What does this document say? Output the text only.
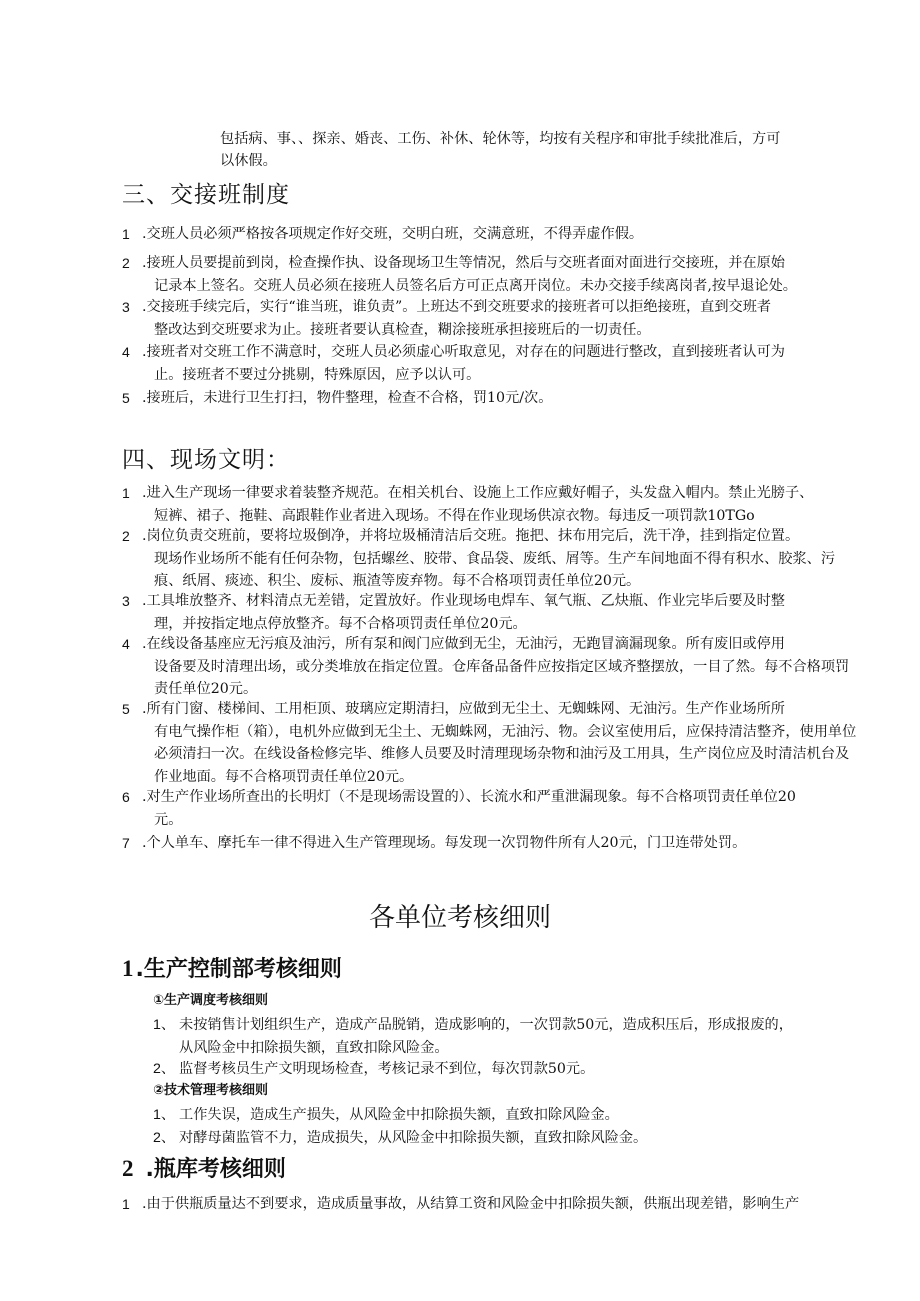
包括病、事、、探亲、婚丧、工伤、补休、轮休等，均按有关程序和审批手续批准后，方可
以休假。
三、交接班制度
1 .交班人员必须严格按各项规定作好交班，交明白班，交满意班，不得弄虚作假。
2 .接班人员要提前到岗，检查操作执、设备现场卫生等情况，然后与交班者面对面进行交接班，并在原始
记录本上签名。交班人员必须在接班人员签名后方可正点离开岗位。未办交接手续离岗者,按早退论处。
3 .交接班手续完后，实行“谁当班，谁负责”。上班达不到交班要求的接班者可以拒绝接班，直到交班者
整改达到交班要求为止。接班者要认真检查，糊涂接班承担接班后的一切责任。
4 .接班者对交班工作不满意时，交班人员必须虚心听取意见，对存在的问题进行整改，直到接班者认可为
止。接班者不要过分挑剔，特殊原因，应予以认可。
5 .接班后，未进行卫生打扫，物件整理，检查不合格，罚10元/次。
四、现场文明：
1 .进入生产现场一律要求着装整齐规范。在相关机台、设施上工作应戴好帽子，头发盘入帽内。禁止光膀子、
短裤、裙子、拖鞋、高跟鞋作业者进入现场。不得在作业现场供凉衣物。每违反一项罚款10TGo
2 .岗位负责交班前，要将垃圾倒净，并将垃圾桶清洁后交班。拖把、抹布用完后，洗干净，挂到指定位置。
现场作业场所不能有任何杂物，包括螺丝、胶带、食品袋、废纸、屑等。生产车间地面不得有积水、胶浆、污痕、纸屑、痰迹、积尘、废标、瓶渣等废弃物。每不合格项罚责任单位20元。
3 .工具堆放整齐、材料清点无差错，定置放好。作业现场电焊车、氧气瓶、乙炔瓶、作业完毕后要及时整
理，并按指定地点停放整齐。每不合格项罚责任单位20元。
4 .在线设备基座应无污痕及油污，所有泵和阀门应做到无尘，无油污，无跑冒滴漏现象。所有废旧或停用
设备要及时清理出场，或分类堆放在指定位置。仓库备品备件应按指定区域齐整摆放，一目了然。每不合格项罚责任单位20元。
5 .所有门窗、楼梯间、工用柜顶、玻璃应定期清扫，应做到无尘土、无蜘蛛网、无油污。生产作业场所所
有电气操作柜（箱），电机外应做到无尘土、无蜘蛛网，无油污、物。会议室使用后，应保持清洁整齐，使用单位必须清扫一次。在线设备检修完毕、维修人员要及时清理现场杂物和油污及工用具，生产岗位应及时清洁机台及作业地面。每不合格项罚责任单位20元。
6 .对生产作业场所查出的长明灯（不是现场需设置的）、长流水和严重泄漏现象。每不合格项罚责任单位20
元。
7 .个人单车、摩托车一律不得进入生产管理现场。每发现一次罚物件所有人20元，门卫连带处罚。
各单位考核细则
1.生产控制部考核细则
①生产调度考核细则
1、 未按销售计划组织生产，造成产品脱销，造成影响的，一次罚款50元，造成积压后，形成报废的，
从风险金中扣除损失额，直致扣除风险金。
2、 监督考核员生产文明现场检查，考核记录不到位，每次罚款50元。
②技术管理考核细则
1、 工作失误，造成生产损失，从风险金中扣除损失额，直致扣除风险金。
2、 对酵母菌监管不力，造成损失，从风险金中扣除损失额，直致扣除风险金。
2 .瓶库考核细则
1 .由于供瓶质量达不到要求，造成质量事故，从结算工资和风险金中扣除损失额，供瓶出现差错，影响生产
